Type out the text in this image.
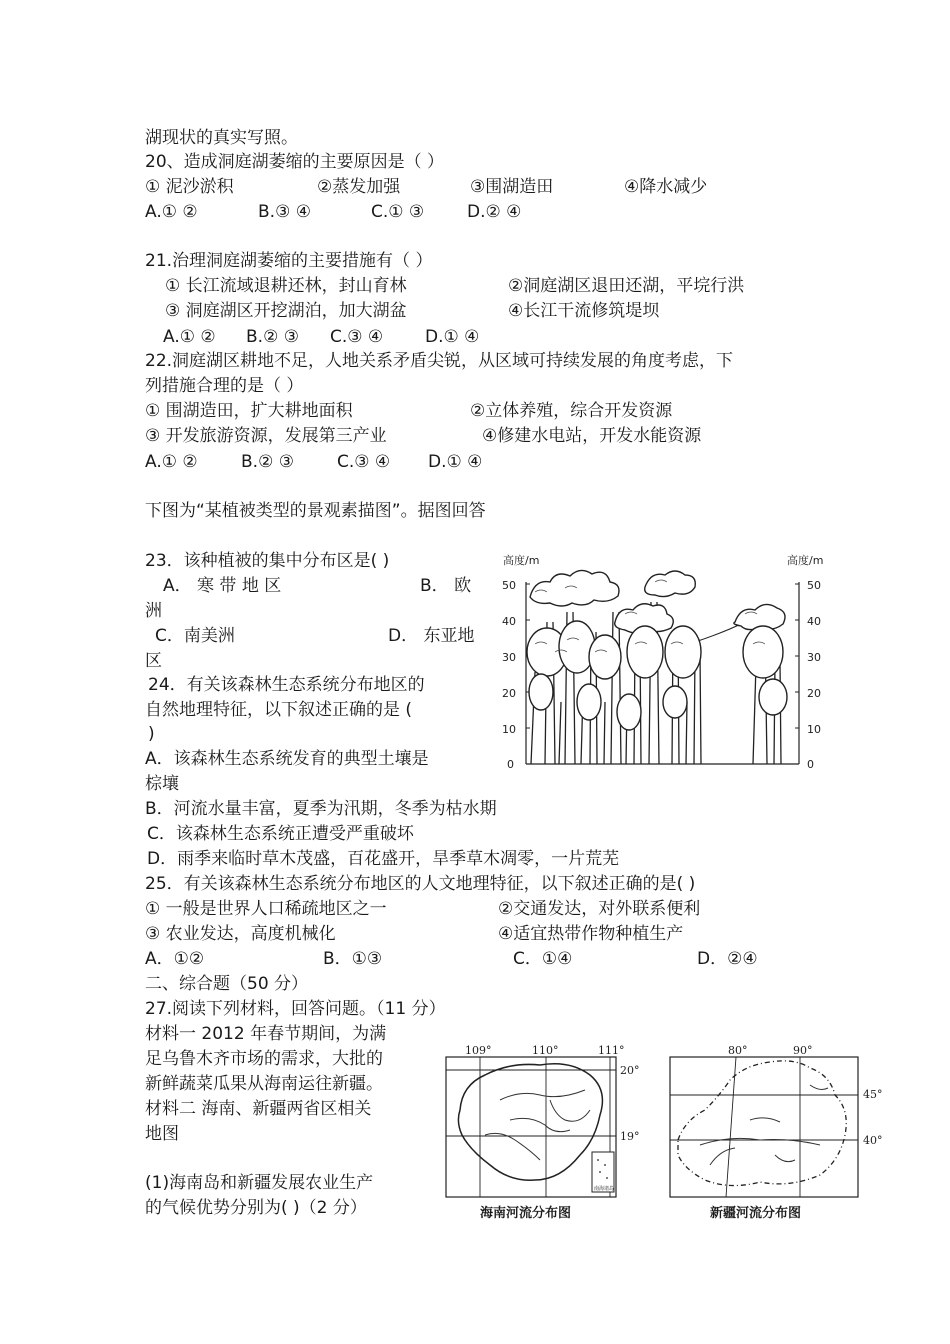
湖现状的真实写照。
20、造成洞庭湖萎缩的主要原因是（ ）
① 泥沙淤积	②蒸发加强	③围湖造田	④降水减少
A.① ②	B.③ ④	C.① ③	D.② ④
21.治理洞庭湖萎缩的主要措施有（ ）
① 长江流域退耕还林，封山育林	②洞庭湖区退田还湖，平垸行洪
③ 洞庭湖区开挖湖泊，加大湖盆	④长江干流修筑堤坝
A.① ② B.② ③ C.③ ④ D.① ④
22.洞庭湖区耕地不足，人地关系矛盾尖锐，从区域可持续发展的角度考虑，下
列措施合理的是（ ）
① 围湖造田，扩大耕地面积	②立体养殖，综合开发资源
③ 开发旅游资源，发展第三产业	④修建水电站，开发水能资源
A.① ②	B.② ③	C.③ ④ D.① ④
下图为“某植被类型的景观素描图”。据图回答
23．该种植被的集中分布区是( )
A． 寒 带 地 区	B． 欧
洲
C．南美洲	D． 东亚地
区
24．有关该森林生态系统分布地区的
自然地理特征，以下叙述正确的是 (
)
A．该森林生态系统发育的典型土壤是
棕壤
B．河流水量丰富，夏季为汛期，冬季为枯水期
C．该森林生态系统正遭受严重破坏
D．雨季来临时草木茂盛，百花盛开，旱季草木凋零，一片荒芜
25．有关该森林生态系统分布地区的人文地理特征，以下叙述正确的是( )
① 一般是世界人口稀疏地区之一	②交通发达，对外联系便利
③ 农业发达，高度机械化	④适宜热带作物种植生产
A．①②	B．①③	C．①④	D．②④
二、综合题（50 分）
27.阅读下列材料，回答问题。（11 分）
材料一 2012 年春节期间，为满
足乌鲁木齐市场的需求，大批的
新鲜蔬菜瓜果从海南运往新疆。
材料二 海南、新疆两省区相关
地图
(1)海南岛和新疆发展农业生产
的气候优势分别为( )（2 分）
高度/m	高度/m
0
10
20
30
40
50
0
10
20
30
40
50
109°	110°	111°
20°
19°
南海诸岛
海南河流分布图
80°	90°
45°
40°
新疆河流分布图
